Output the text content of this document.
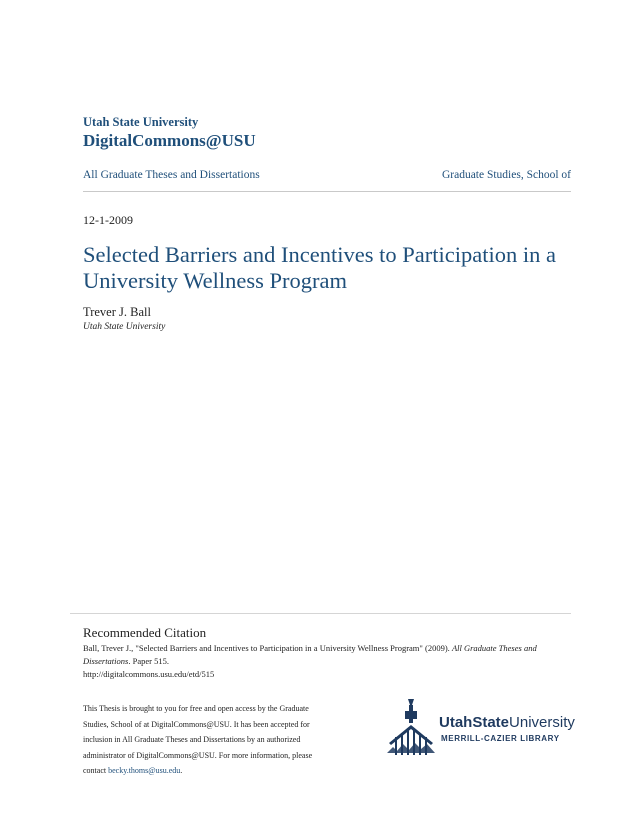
Utah State University
DigitalCommons@USU
All Graduate Theses and Dissertations	Graduate Studies, School of
12-1-2009
Selected Barriers and Incentives to Participation in a University Wellness Program
Trever J. Ball
Utah State University
Recommended Citation
Ball, Trever J., "Selected Barriers and Incentives to Participation in a University Wellness Program" (2009). All Graduate Theses and Dissertations. Paper 515.
http://digitalcommons.usu.edu/etd/515
This Thesis is brought to you for free and open access by the Graduate Studies, School of at DigitalCommons@USU. It has been accepted for inclusion in All Graduate Theses and Dissertations by an authorized administrator of DigitalCommons@USU. For more information, please contact becky.thoms@usu.edu.
UtahStateUniversity
MERRILL-CAZIER LIBRARY
